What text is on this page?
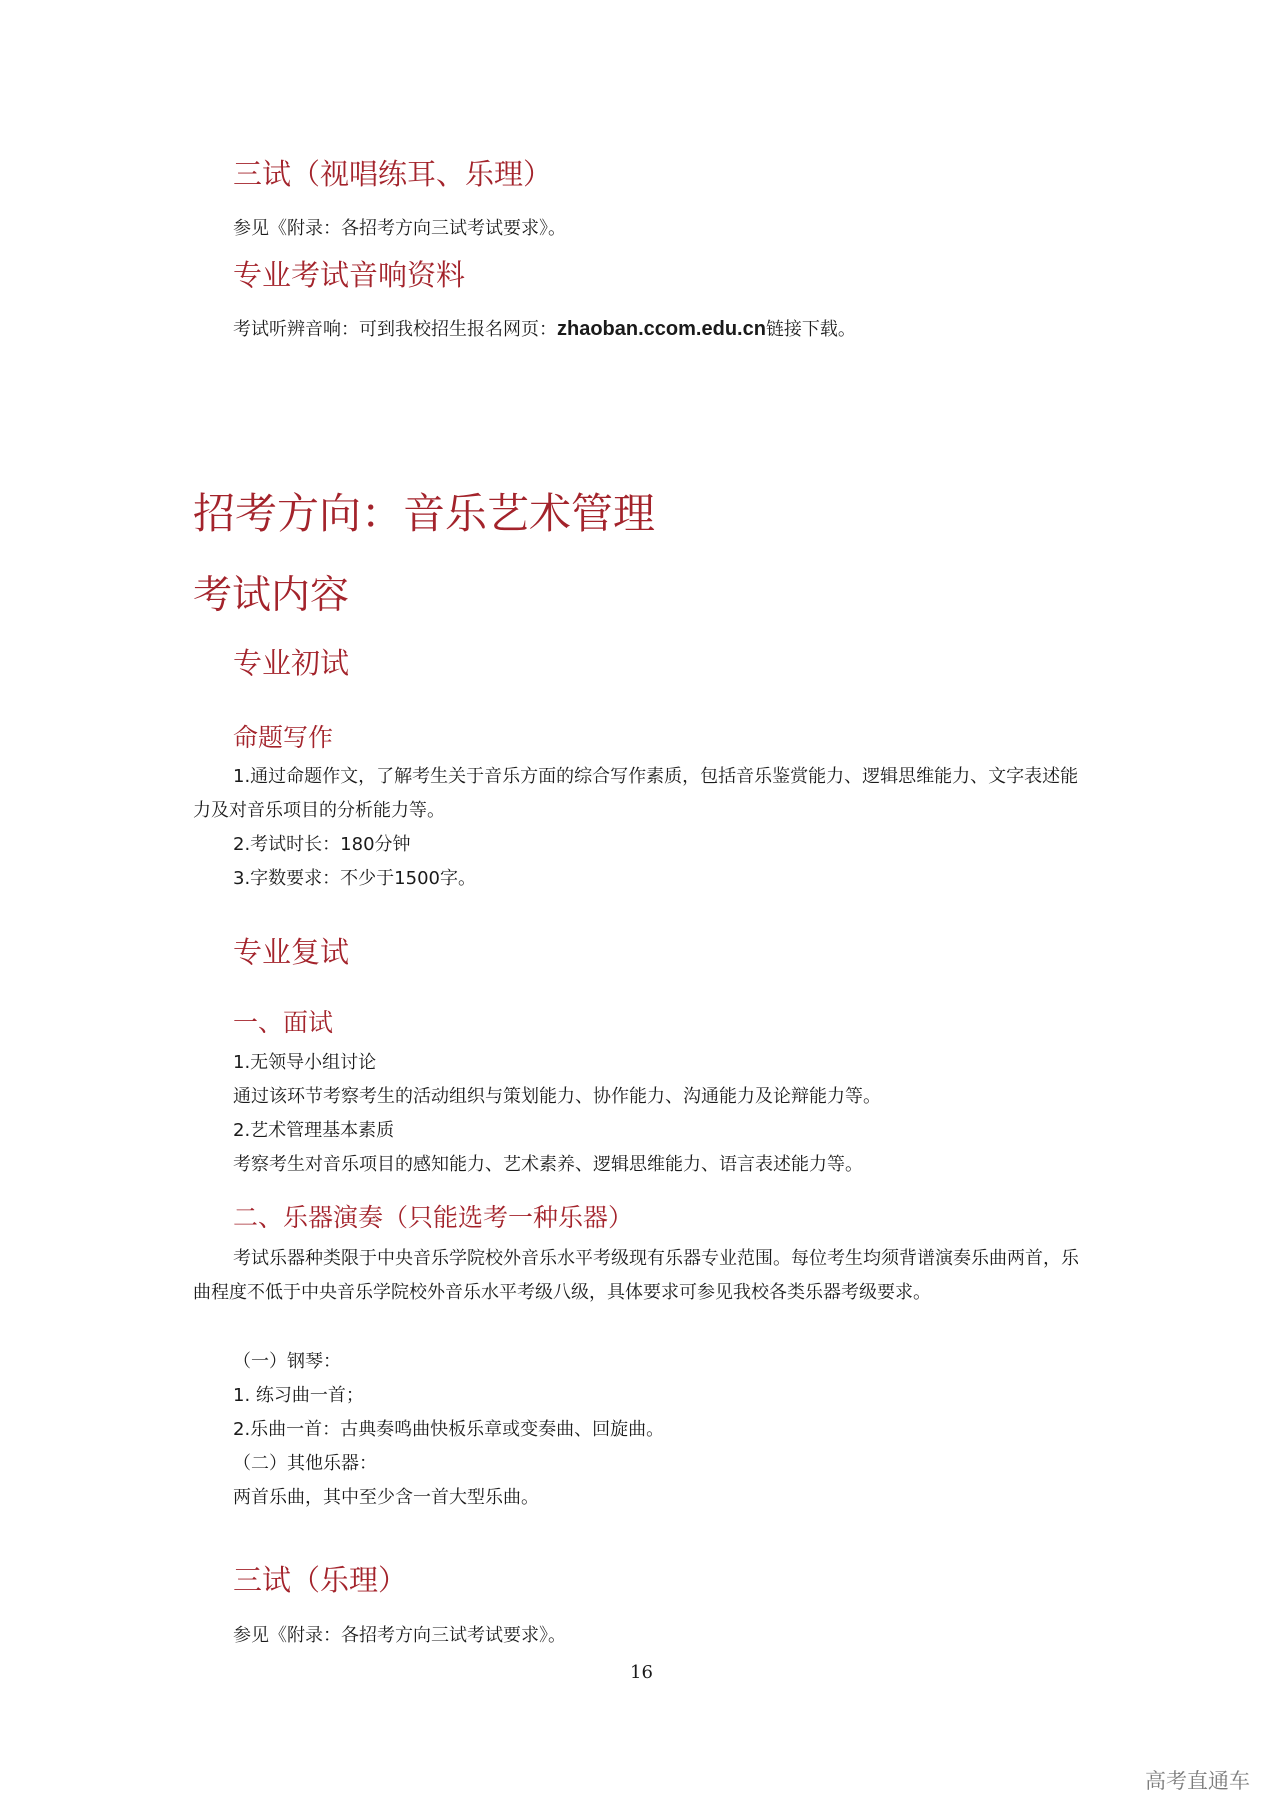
三试（视唱练耳、乐理）
参见《附录：各招考方向三试考试要求》。
专业考试音响资料
考试听辨音响：可到我校招生报名网页：zhaoban.ccom.edu.cn链接下载。
招考方向：音乐艺术管理
考试内容
专业初试
命题写作
1.通过命题作文，了解考生关于音乐方面的综合写作素质，包括音乐鉴赏能力、逻辑思维能力、文字表述能力及对音乐项目的分析能力等。
2.考试时长：180分钟
3.字数要求：不少于1500字。
专业复试
一、面试
1.无领导小组讨论
通过该环节考察考生的活动组织与策划能力、协作能力、沟通能力及论辩能力等。
2.艺术管理基本素质
考察考生对音乐项目的感知能力、艺术素养、逻辑思维能力、语言表述能力等。
二、乐器演奏（只能选考一种乐器）
考试乐器种类限于中央音乐学院校外音乐水平考级现有乐器专业范围。每位考生均须背谱演奏乐曲两首，乐曲程度不低于中央音乐学院校外音乐水平考级八级，具体要求可参见我校各类乐器考级要求。
（一）钢琴：
1. 练习曲一首；
2.乐曲一首：古典奏鸣曲快板乐章或变奏曲、回旋曲。
（二）其他乐器：
两首乐曲，其中至少含一首大型乐曲。
三试（乐理）
参见《附录：各招考方向三试考试要求》。
16
高考直通车
